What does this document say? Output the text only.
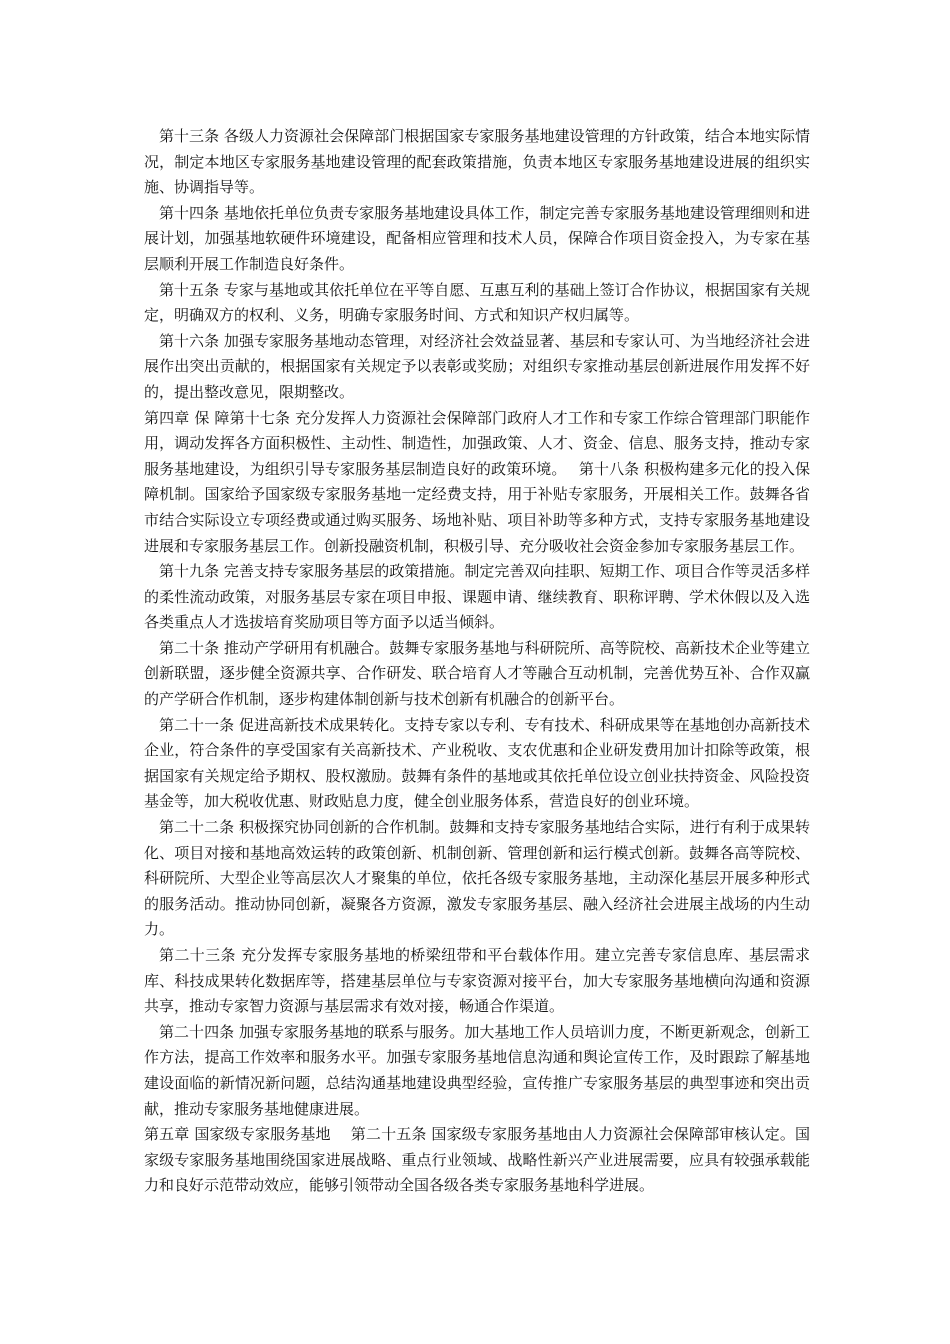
第十三条 各级人力资源社会保障部门根据国家专家服务基地建设管理的方针政策，结合本地实际情况，制定本地区专家服务基地建设管理的配套政策措施，负责本地区专家服务基地建设进展的组织实施、协调指导等。

第十四条 基地依托单位负责专家服务基地建设具体工作，制定完善专家服务基地建设管理细则和进展计划，加强基地软硬件环境建设，配备相应管理和技术人员，保障合作项目资金投入，为专家在基层顺利开展工作制造良好条件。

第十五条 专家与基地或其依托单位在平等自愿、互惠互利的基础上签订合作协议，根据国家有关规定，明确双方的权利、义务，明确专家服务时间、方式和知识产权归属等。

第十六条 加强专家服务基地动态管理，对经济社会效益显著、基层和专家认可、为当地经济社会进展作出突出贡献的，根据国家有关规定予以表彰或奖励；对组织专家推动基层创新进展作用发挥不好的，提出整改意见，限期整改。

第四章 保 障第十七条 充分发挥人力资源社会保障部门政府人才工作和专家工作综合管理部门职能作用，调动发挥各方面积极性、主动性、制造性，加强政策、人才、资金、信息、服务支持，推动专家服务基地建设，为组织引导专家服务基层制造良好的政策环境。　 第十八条 积极构建多元化的投入保障机制。国家给予国家级专家服务基地一定经费支持，用于补贴专家服务，开展相关工作。鼓舞各省市结合实际设立专项经费或通过购买服务、场地补贴、项目补助等多种方式，支持专家服务基地建设进展和专家服务基层工作。创新投融资机制，积极引导、充分吸收社会资金参加专家服务基层工作。

第十九条 完善支持专家服务基层的政策措施。制定完善双向挂职、短期工作、项目合作等灵活多样的柔性流动政策，对服务基层专家在项目申报、课题申请、继续教育、职称评聘、学术休假以及入选各类重点人才选拔培育奖励项目等方面予以适当倾斜。

第二十条 推动产学研用有机融合。鼓舞专家服务基地与科研院所、高等院校、高新技术企业等建立创新联盟，逐步健全资源共享、合作研发、联合培育人才等融合互动机制，完善优势互补、合作双赢的产学研合作机制，逐步构建体制创新与技术创新有机融合的创新平台。

第二十一条 促进高新技术成果转化。支持专家以专利、专有技术、科研成果等在基地创办高新技术企业，符合条件的享受国家有关高新技术、产业税收、支农优惠和企业研发费用加计扣除等政策，根据国家有关规定给予期权、股权激励。鼓舞有条件的基地或其依托单位设立创业扶持资金、风险投资基金等，加大税收优惠、财政贴息力度，健全创业服务体系，营造良好的创业环境。

第二十二条 积极探究协同创新的合作机制。鼓舞和支持专家服务基地结合实际，进行有利于成果转化、项目对接和基地高效运转的政策创新、机制创新、管理创新和运行模式创新。鼓舞各高等院校、科研院所、大型企业等高层次人才聚集的单位，依托各级专家服务基地，主动深化基层开展多种形式的服务活动。推动协同创新，凝聚各方资源，激发专家服务基层、融入经济社会进展主战场的内生动力。

第二十三条 充分发挥专家服务基地的桥梁纽带和平台载体作用。建立完善专家信息库、基层需求库、科技成果转化数据库等，搭建基层单位与专家资源对接平台，加大专家服务基地横向沟通和资源共享，推动专家智力资源与基层需求有效对接，畅通合作渠道。

第二十四条 加强专家服务基地的联系与服务。加大基地工作人员培训力度，不断更新观念，创新工作方法，提高工作效率和服务水平。加强专家服务基地信息沟通和舆论宣传工作，及时跟踪了解基地建设面临的新情况新问题，总结沟通基地建设典型经验，宣传推广专家服务基层的典型事迹和突出贡献，推动专家服务基地健康进展。

第五章 国家级专家服务基地　 第二十五条 国家级专家服务基地由人力资源社会保障部审核认定。国家级专家服务基地围绕国家进展战略、重点行业领域、战略性新兴产业进展需要，应具有较强承载能力和良好示范带动效应，能够引领带动全国各级各类专家服务基地科学进展。
